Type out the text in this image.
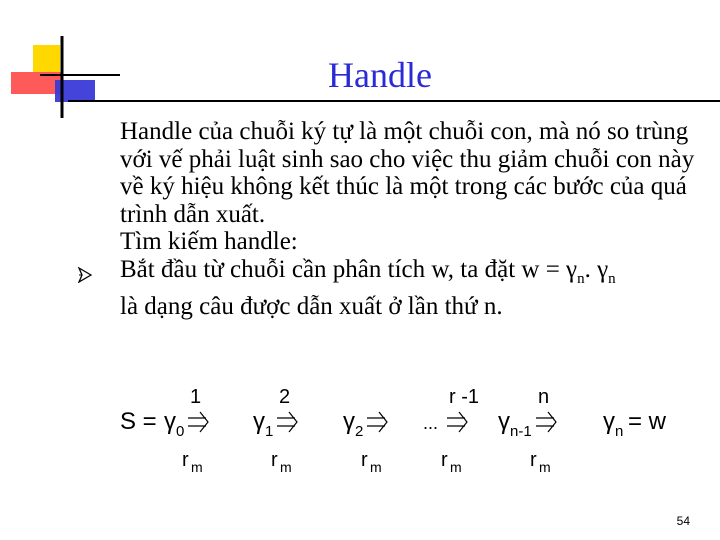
Handle

Handle của chuỗi ký tự là một chuỗi con, mà nó so trùng với vế phải luật sinh sao cho việc thu giảm chuỗi con này về ký hiệu không kết thúc là một trong các bước của quá trình dẫn xuất.

Tìm kiếm handle:

Bắt đầu từ chuỗi cần phân tích w, ta đặt $w = \gamma_n$. $\gamma_n$

là dạng câu được dẫn xuất ở lần thứ n.

S = γ 0
1
r m
γ 1
2
r m
γ 2
r m
...
r -1
r m
γ n-1
n
r m
γ n = w
54
